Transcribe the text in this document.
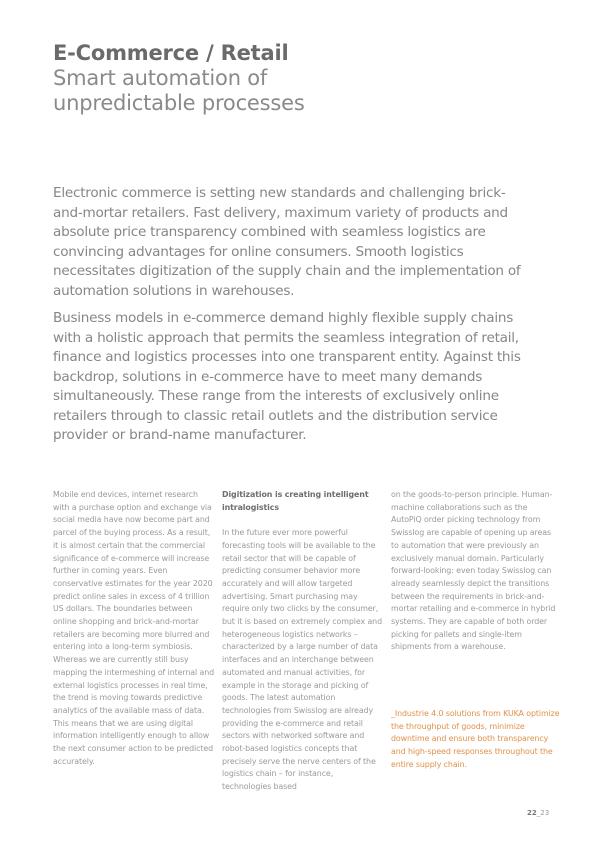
E-Commerce / Retail
Smart automation of
unpredictable processes

Electronic commerce is setting new standards and challenging brick-and-mortar retailers. Fast delivery, maximum variety of products and absolute price transparency combined with seamless logistics are convincing advantages for online consumers. Smooth logistics necessitates digitization of the supply chain and the implementation of automation solutions in warehouses.

Business models in e-commerce demand highly flexible supply chains with a holistic approach that permits the seamless integration of retail, finance and logistics processes into one transparent entity. Against this backdrop, solutions in e-commerce have to meet many demands simultaneously. These range from the interests of exclusively online retailers through to classic retail outlets and the distribution service provider or brand-name manufacturer.

Mobile end devices, internet research with a purchase option and exchange via social media have now become part and parcel of the buying process. As a result, it is almost certain that the commercial significance of e-commerce will increase further in coming years. Even conservative estimates for the year 2020 predict online sales in excess of 4 trillion US dollars. The boundaries between online shopping and brick-and-mortar retailers are becoming more blurred and entering into a long-term symbiosis. Whereas we are currently still busy mapping the intermeshing of internal and external logistics processes in real time, the trend is moving towards predictive analytics of the available mass of data. This means that we are using digital information intelligently enough to allow the next consumer action to be predicted accurately.

Digitization is creating intelligent intralogistics

In the future ever more powerful forecasting tools will be available to the retail sector that will be capable of predicting consumer behavior more accurately and will allow targeted advertising. Smart purchasing may require only two clicks by the consumer, but it is based on extremely complex and heterogeneous logistics networks – characterized by a large number of data interfaces and an interchange between automated and manual activities, for example in the storage and picking of goods. The latest automation technologies from Swisslog are already providing the e-commerce and retail sectors with networked software and robot-based logistics concepts that precisely serve the nerve centers of the logistics chain – for instance, technologies based

on the goods-to-person principle. Human-machine collaborations such as the AutoPiQ order picking technology from Swisslog are capable of opening up areas to automation that were previously an exclusively manual domain. Particularly forward-looking: even today Swisslog can already seamlessly depict the transitions between the requirements in brick-and-mortar retailing and e-commerce in hybrid systems. They are capable of both order picking for pallets and single-item shipments from a warehouse.

_Industrie 4.0 solutions from KUKA optimize the throughput of goods, minimize downtime and ensure both transparency and high-speed responses throughout the entire supply chain.

22_23
